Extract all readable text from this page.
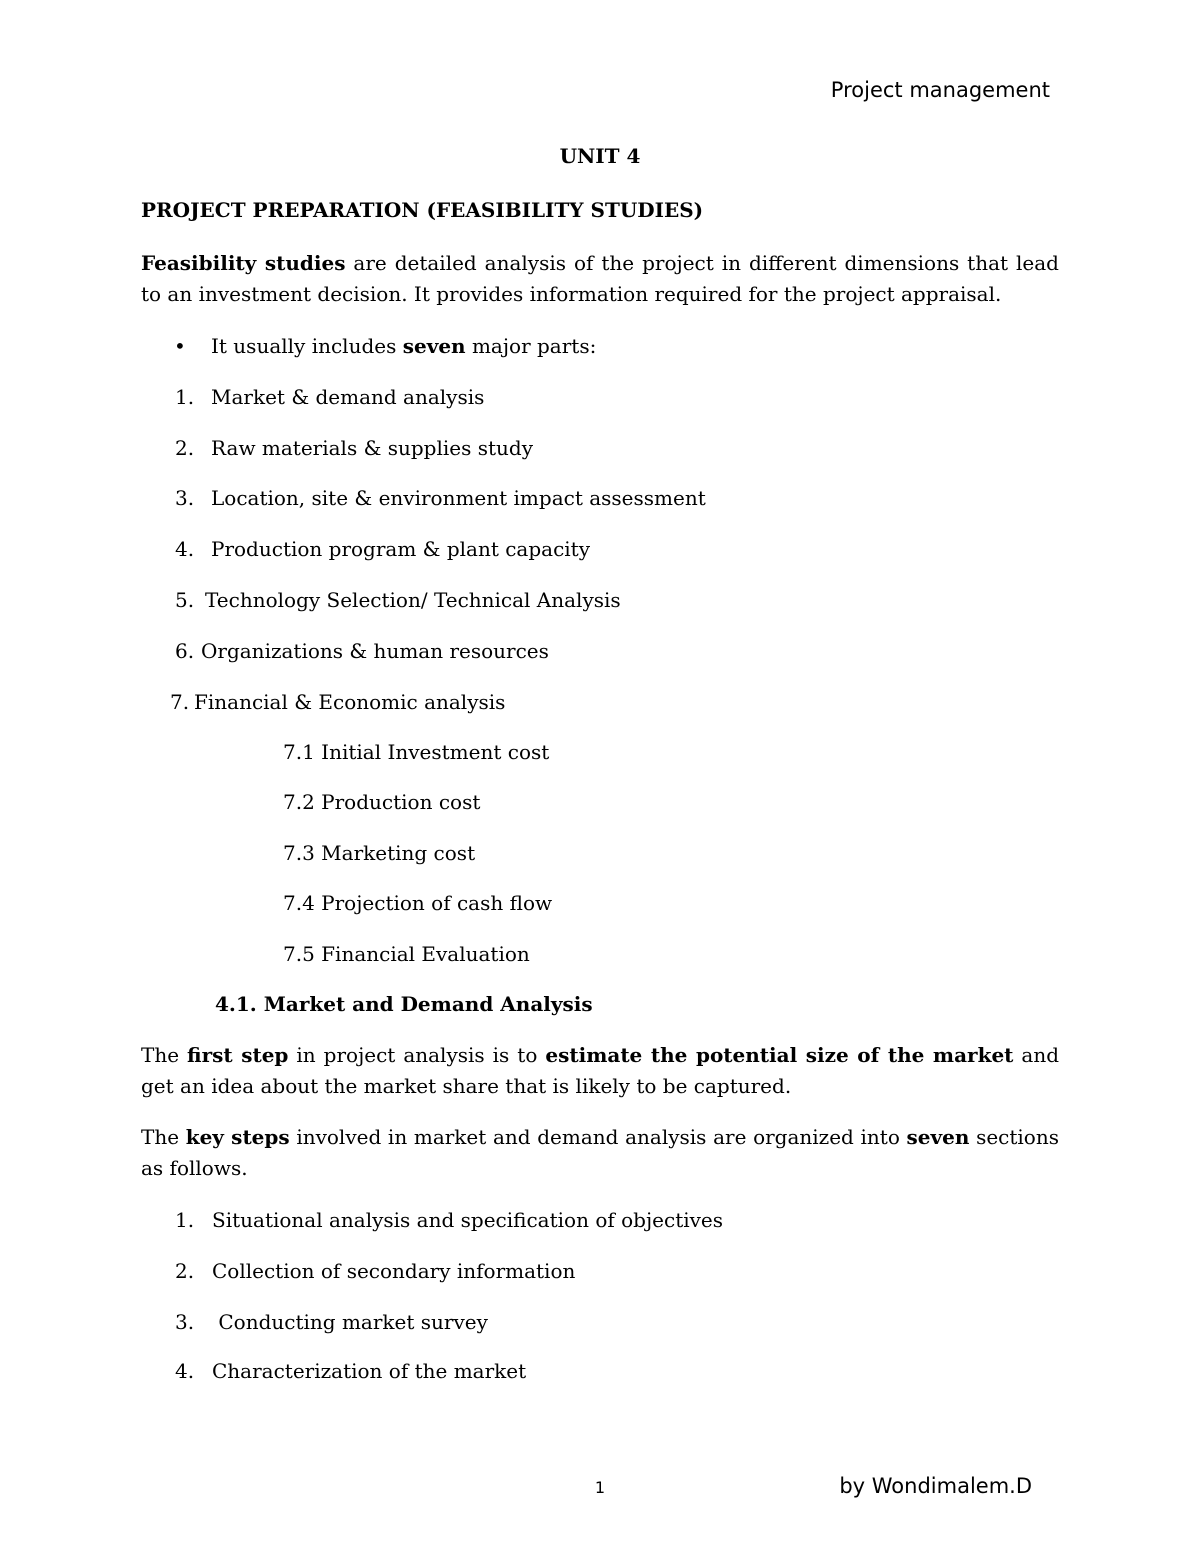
Project management
UNIT 4
PROJECT PREPARATION (FEASIBILITY STUDIES)
Feasibility studies are detailed analysis of the project in different dimensions that lead to an investment decision. It provides information required for the project appraisal.
• It usually includes seven major parts:
1. Market & demand analysis
2. Raw materials & supplies study
3. Location, site & environment impact assessment
4. Production program & plant capacity
5. Technology Selection/ Technical Analysis
6. Organizations & human resources
7. Financial & Economic analysis
7.1 Initial Investment cost
7.2 Production cost
7.3 Marketing cost
7.4 Projection of cash flow
7.5 Financial Evaluation
4.1. Market and Demand Analysis
The first step in project analysis is to estimate the potential size of the market and get an idea about the market share that is likely to be captured.
The key steps involved in market and demand analysis are organized into seven sections as follows.
1. Situational analysis and specification of objectives
2. Collection of secondary information
3. Conducting market survey
4. Characterization of the market
1	by Wondimalem.D
